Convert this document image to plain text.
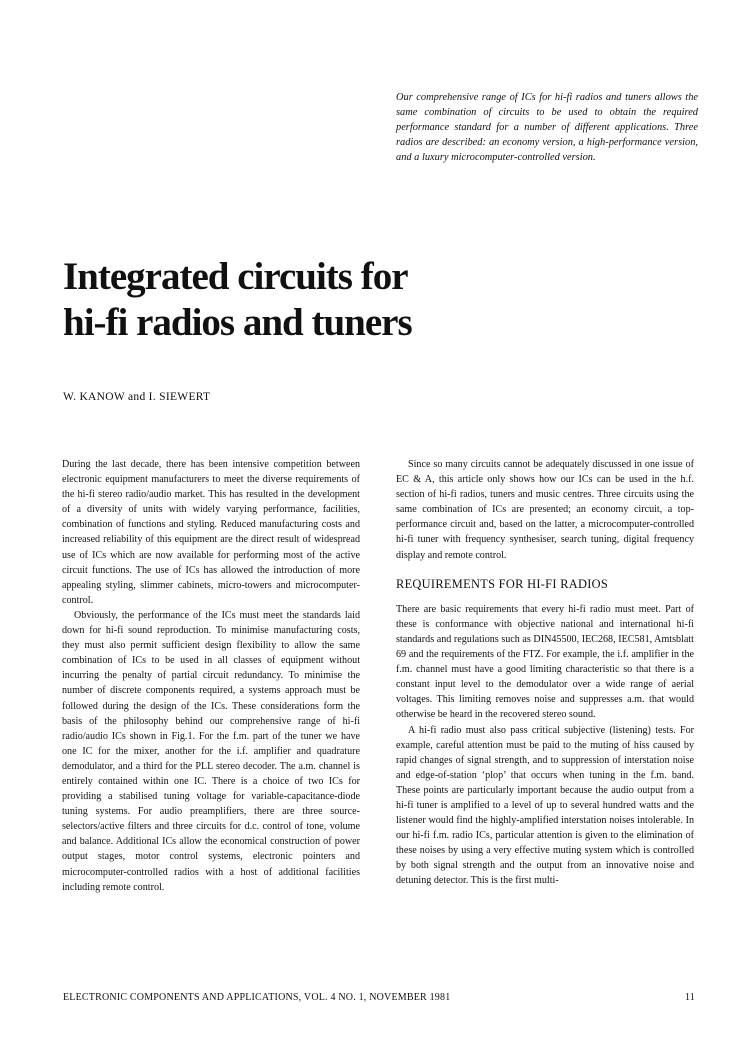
Our comprehensive range of ICs for hi-fi radios and tuners allows the same combination of circuits to be used to obtain the required performance standard for a number of different applications. Three radios are described: an economy version, a high-performance version, and a luxury microcomputer-controlled version.
Integrated circuits for
hi-fi radios and tuners
W. KANOW and I. SIEWERT

During the last decade, there has been intensive competition between electronic equipment manufacturers to meet the diverse requirements of the hi-fi stereo radio/audio market. This has resulted in the development of a diversity of units with widely varying performance, facilities, combination of functions and styling. Reduced manufacturing costs and increased reliability of this equipment are the direct result of widespread use of ICs which are now available for performing most of the active circuit functions. The use of ICs has allowed the introduction of more appealing styling, slimmer cabinets, micro-towers and microcomputer-control.

Obviously, the performance of the ICs must meet the standards laid down for hi-fi sound reproduction. To minimise manufacturing costs, they must also permit sufficient design flexibility to allow the same combination of ICs to be used in all classes of equipment without incurring the penalty of partial circuit redundancy. To minimise the number of discrete components required, a systems approach must be followed during the design of the ICs. These considerations form the basis of the philosophy behind our comprehensive range of hi-fi radio/audio ICs shown in Fig.1. For the f.m. part of the tuner we have one IC for the mixer, another for the i.f. amplifier and quadrature demodulator, and a third for the PLL stereo decoder. The a.m. channel is entirely contained within one IC. There is a choice of two ICs for providing a stabilised tuning voltage for variable-capacitance-diode tuning systems. For audio preamplifiers, there are three source-selectors/active filters and three circuits for d.c. control of tone, volume and balance. Additional ICs allow the economical construction of power output stages, motor control systems, electronic pointers and microcomputer-controlled radios with a host of additional facilities including remote control.

Since so many circuits cannot be adequately discussed in one issue of EC & A, this article only shows how our ICs can be used in the h.f. section of hi-fi radios, tuners and music centres. Three circuits using the same combination of ICs are presented; an economy circuit, a top-performance circuit and, based on the latter, a microcomputer-controlled hi-fi tuner with frequency synthesiser, search tuning, digital frequency display and remote control.

REQUIREMENTS FOR HI-FI RADIOS

There are basic requirements that every hi-fi radio must meet. Part of these is conformance with objective national and international hi-fi standards and regulations such as DIN45500, IEC268, IEC581, Amtsblatt 69 and the requirements of the FTZ. For example, the i.f. amplifier in the f.m. channel must have a good limiting characteristic so that there is a constant input level to the demodulator over a wide range of aerial voltages. This limiting removes noise and suppresses a.m. that would otherwise be heard in the recovered stereo sound.

A hi-fi radio must also pass critical subjective (listening) tests. For example, careful attention must be paid to the muting of hiss caused by rapid changes of signal strength, and to suppression of interstation noise and edge-of-station ‘plop’ that occurs when tuning in the f.m. band. These points are particularly important because the audio output from a hi-fi tuner is amplified to a level of up to several hundred watts and the listener would find the highly-amplified interstation noises intolerable. In our hi-fi f.m. radio ICs, particular attention is given to the elimination of these noises by using a very effective muting system which is controlled by both signal strength and the output from an innovative noise and detuning detector. This is the first multi-

ELECTRONIC COMPONENTS AND APPLICATIONS, VOL. 4 NO. 1, NOVEMBER 1981	11
